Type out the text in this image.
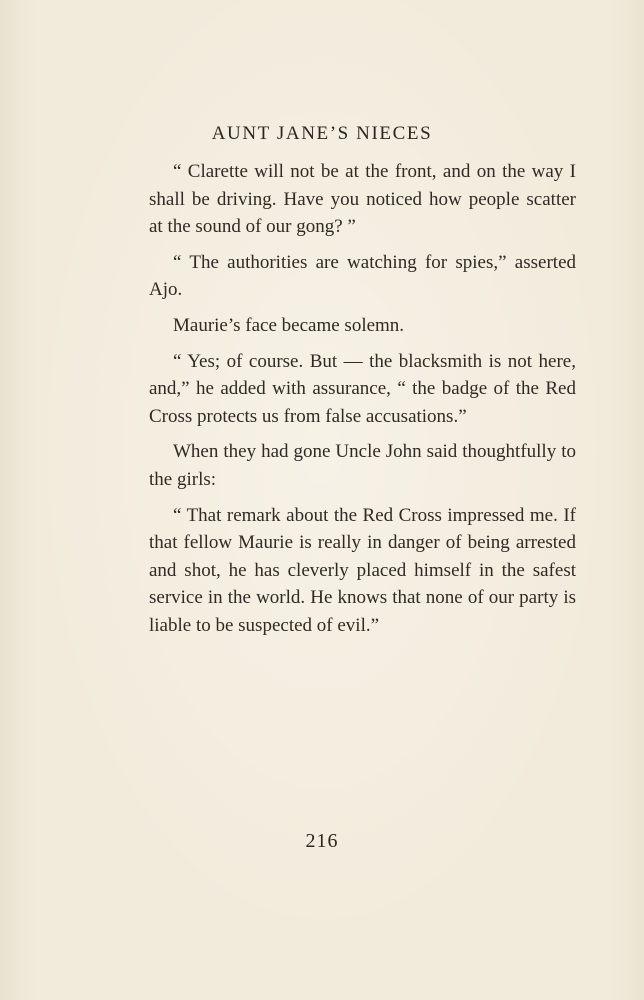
AUNT JANE’S NIECES

“ Clarette will not be at the front, and on the way I shall be driving. Have you noticed how people scatter at the sound of our gong? ”

“ The authorities are watching for spies,” asserted Ajo.

Maurie’s face became solemn.

“ Yes; of course. But — the blacksmith is not here, and,” he added with assurance, “ the badge of the Red Cross protects us from false accusations.”

When they had gone Uncle John said thoughtfully to the girls:

“ That remark about the Red Cross impressed me. If that fellow Maurie is really in danger of being arrested and shot, he has cleverly placed himself in the safest service in the world. He knows that none of our party is liable to be suspected of evil.”

216
